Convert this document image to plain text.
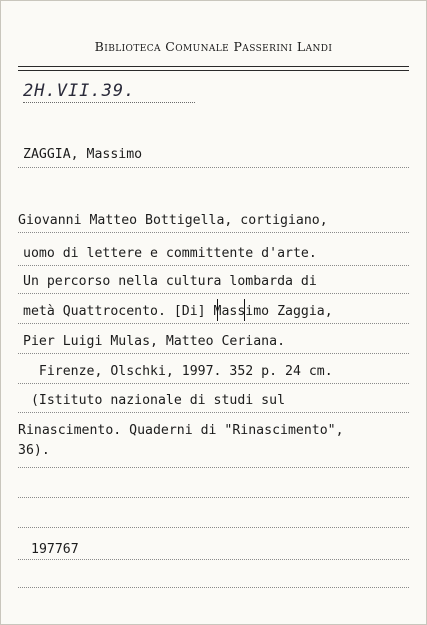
Biblioteca Comunale Passerini Landi
2H.VII.39.
ZAGGIA, Massimo
Giovanni Matteo Bottigella, cortigiano,
uomo di lettere e committente d'arte.
Un percorso nella cultura lombarda di
metà Quattrocento. [Di] Massimo Zaggia,
Pier Luigi Mulas, Matteo Ceriana.
Firenze, Olschki, 1997. 352 p. 24 cm.
(Istituto nazionale di studi sul
Rinascimento. Quaderni di "Rinascimento",
36).
197767
